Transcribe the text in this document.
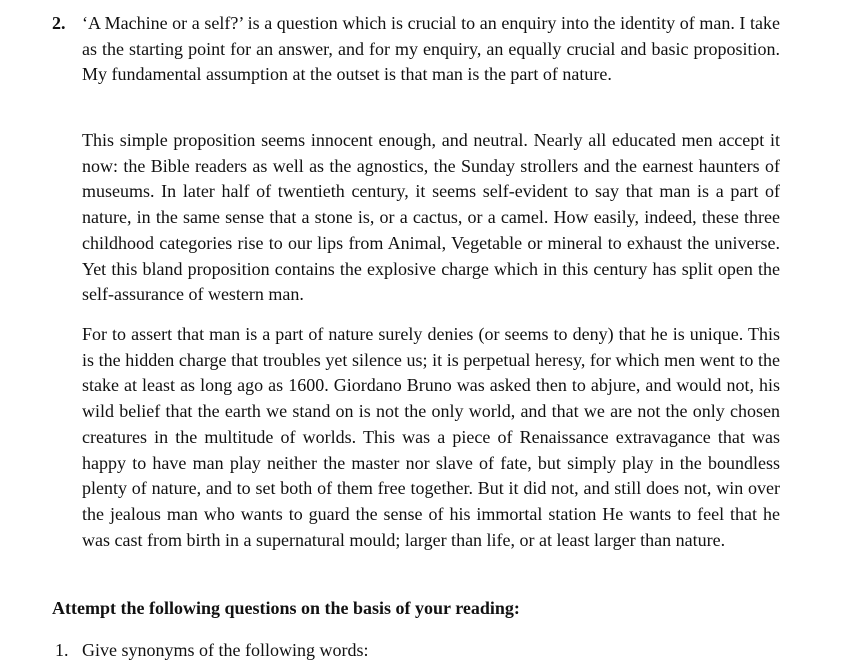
2. ‘A Machine or a self?’ is a question which is crucial to an enquiry into the identity of man. I take as the starting point for an answer, and for my enquiry, an equally crucial and basic proposition. My fundamental assumption at the outset is that man is the part of nature.

This simple proposition seems innocent enough, and neutral. Nearly all educated men accept it now: the Bible readers as well as the agnostics, the Sunday strollers and the earnest haunters of museums. In later half of twentieth century, it seems self-evident to say that man is a part of nature, in the same sense that a stone is, or a cactus, or a camel. How easily, indeed, these three childhood categories rise to our lips from Animal, Vegetable or mineral to exhaust the universe. Yet this bland proposition contains the explosive charge which in this century has split open the self-assurance of western man.

For to assert that man is a part of nature surely denies (or seems to deny) that he is unique. This is the hidden charge that troubles yet silence us; it is perpetual heresy, for which men went to the stake at least as long ago as 1600. Giordano Bruno was asked then to abjure, and would not, his wild belief that the earth we stand on is not the only world, and that we are not the only chosen creatures in the multitude of worlds. This was a piece of Renaissance extravagance that was happy to have man play neither the master nor slave of fate, but simply play in the boundless plenty of nature, and to set both of them free together. But it did not, and still does not, win over the jealous man who wants to guard the sense of his immortal station He wants to feel that he was cast from birth in a supernatural mould; larger than life, or at least larger than nature.

Attempt the following questions on the basis of your reading:

1. Give synonyms of the following words:
